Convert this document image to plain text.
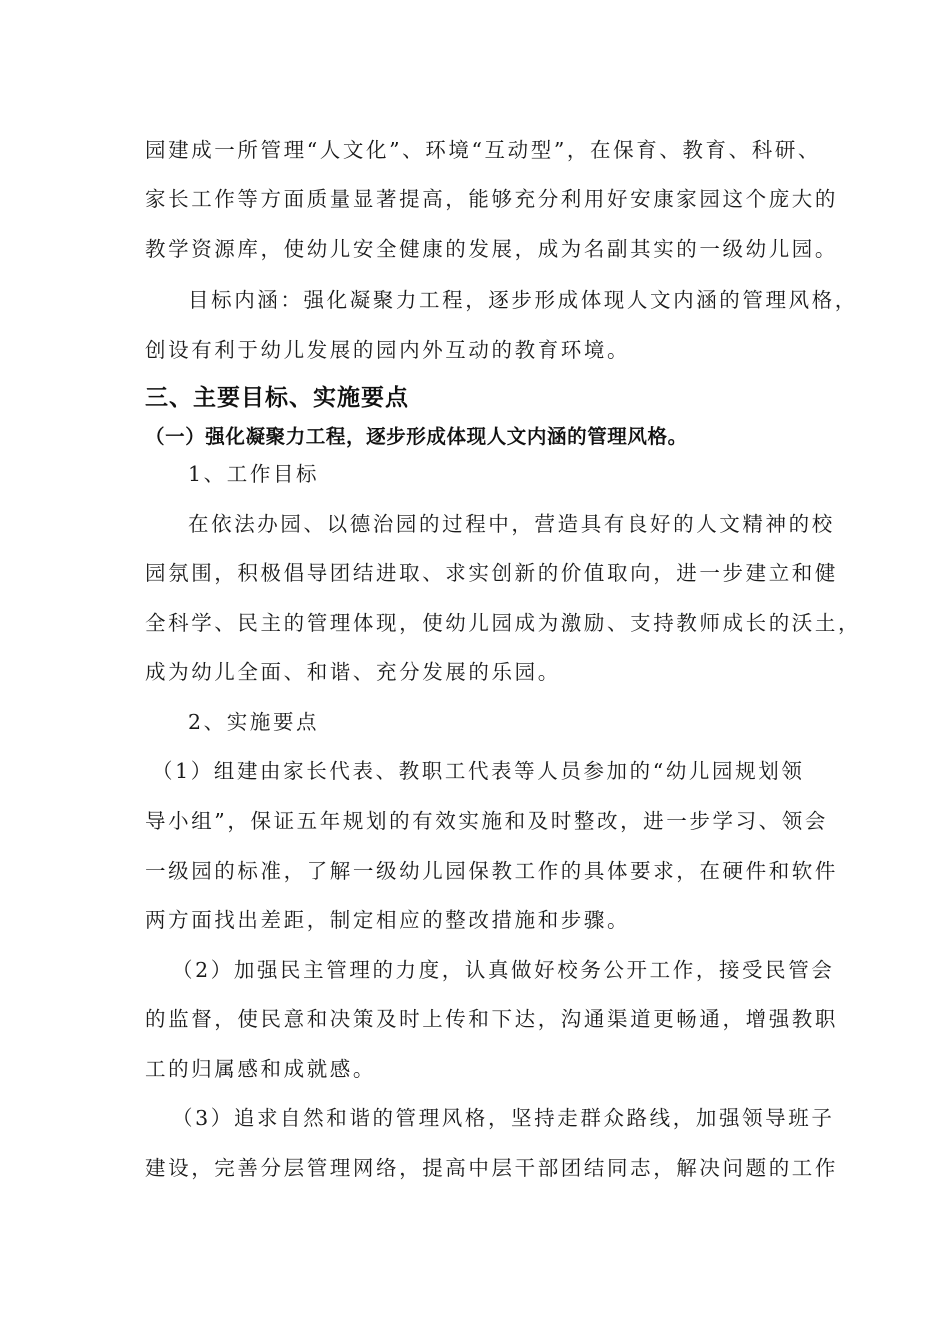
园建成一所管理“人文化”、环境“互动型”，在保育、教育、科研、
家长工作等方面质量显著提高，能够充分利用好安康家园这个庞大的
教学资源库，使幼儿安全健康的发展，成为名副其实的一级幼儿园。
目标内涵：强化凝聚力工程，逐步形成体现人文内涵的管理风格，
创设有利于幼儿发展的园内外互动的教育环境。
三、主要目标、实施要点
（一）强化凝聚力工程，逐步形成体现人文内涵的管理风格。
1、工作目标
在依法办园、以德治园的过程中，营造具有良好的人文精神的校
园氛围，积极倡导团结进取、求实创新的价值取向，进一步建立和健
全科学、民主的管理体现，使幼儿园成为激励、支持教师成长的沃土，
成为幼儿全面、和谐、充分发展的乐园。
2、实施要点
（1）组建由家长代表、教职工代表等人员参加的“幼儿园规划领
导小组”，保证五年规划的有效实施和及时整改，进一步学习、领会
一级园的标准，了解一级幼儿园保教工作的具体要求，在硬件和软件
两方面找出差距，制定相应的整改措施和步骤。
（2）加强民主管理的力度，认真做好校务公开工作，接受民管会
的监督，使民意和决策及时上传和下达，沟通渠道更畅通，增强教职
工的归属感和成就感。
（3）追求自然和谐的管理风格，坚持走群众路线，加强领导班子
建设，完善分层管理网络，提高中层干部团结同志，解决问题的工作
